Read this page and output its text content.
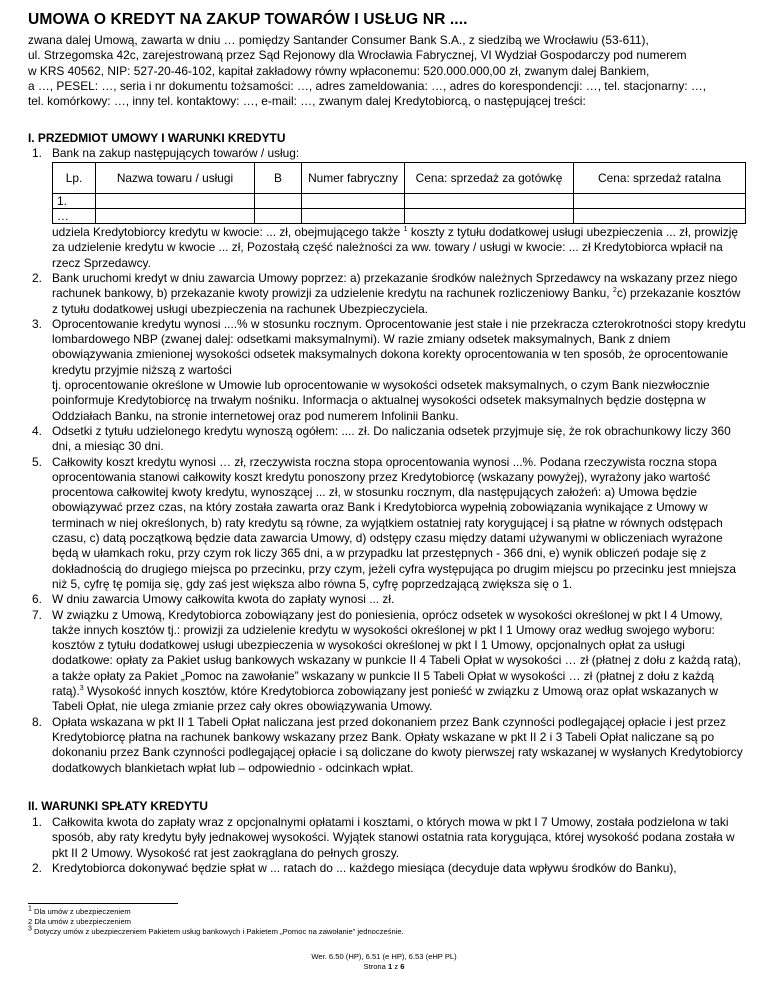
UMOWA O KREDYT NA ZAKUP TOWARÓW I USŁUG NR ....

zwana dalej Umową, zawarta w dniu … pomiędzy Santander Consumer Bank S.A., z siedzibą we Wrocławiu (53-611),

ul. Strzegomska 42c, zarejestrowaną przez Sąd Rejonowy dla Wrocławia Fabrycznej, VI Wydział Gospodarczy pod numerem

w KRS 40562, NIP: 527-20-46-102, kapitał zakładowy równy wpłaconemu: 520.000.000,00 zł, zwanym dalej Bankiem,

a …, PESEL: …, seria i nr dokumentu tożsamości: …, adres zameldowania: …, adres do korespondencji: …, tel. stacjonarny: …,

tel. komórkowy: …, inny tel. kontaktowy: …, e-mail: …, zwanym dalej Kredytobiorcą, o następującej treści:

I. PRZEDMIOT UMOWY I WARUNKI KREDYTU
1. Bank na zakup następujących towarów / usług:

Lp.	Nazwa towaru / usługi	B	Numer fabryczny	Cena: sprzedaż za gotówkę	Cena: sprzedaż ratalna
1.					
…					

udziela Kredytobiorcy kredytu w kwocie: ... zł, obejmującego także $^1$ koszty z tytułu dodatkowej usługi ubezpieczenia ... zł, prowizję za udzielenie kredytu w kwocie ... zł, Pozostałą część należności za ww. towary / usługi w kwocie: ... zł Kredytobiorca wpłacił na rzecz Sprzedawcy.

2. Bank uruchomi kredyt w dniu zawarcia Umowy poprzez: a) przekazanie środków należnych Sprzedawcy na wskazany przez niego rachunek bankowy, b) przekazanie kwoty prowizji za udzielenie kredytu na rachunek rozliczeniowy Banku, $^2$c) przekazanie kosztów z tytułu dodatkowej usługi ubezpieczenia na rachunek Ubezpieczyciela.

3. Oprocentowanie kredytu wynosi ....% w stosunku rocznym. Oprocentowanie jest stałe i nie przekracza czterokrotności stopy kredytu lombardowego NBP (zwanej dalej: odsetkami maksymalnymi). W razie zmiany odsetek maksymalnych, Bank z dniem obowiązywania zmienionej wysokości odsetek maksymalnych dokona korekty oprocentowania w ten sposób, że oprocentowanie kredytu przyjmie niższą z wartości

tj. oprocentowanie określone w Umowie lub oprocentowanie w wysokości odsetek maksymalnych, o czym Bank niezwłocznie poinformuje Kredytobiorcę na trwałym nośniku. Informacja o aktualnej wysokości odsetek maksymalnych będzie dostępna w Oddziałach Banku, na stronie internetowej oraz pod numerem Infolinii Banku.

4. Odsetki z tytułu udzielonego kredytu wynoszą ogółem: .... zł. Do naliczania odsetek przyjmuje się, że rok obrachunkowy liczy 360 dni, a miesiąc 30 dni.

5. Całkowity koszt kredytu wynosi … zł, rzeczywista roczna stopa oprocentowania wynosi ...%. Podana rzeczywista roczna stopa oprocentowania stanowi całkowity koszt kredytu ponoszony przez Kredytobiorcę (wskazany powyżej), wyrażony jako wartość procentowa całkowitej kwoty kredytu, wynoszącej ... zł, w stosunku rocznym, dla następujących założeń: a) Umowa będzie obowiązywać przez czas, na który została zawarta oraz Bank i Kredytobiorca wypełnią zobowiązania wynikające z Umowy w terminach w niej określonych, b) raty kredytu są równe, za wyjątkiem ostatniej raty korygującej i są płatne w równych odstępach czasu, c) datą początkową będzie data zawarcia Umowy, d) odstępy czasu między datami używanymi w obliczeniach wyrażone będą w ułamkach roku, przy czym rok liczy 365 dni, a w przypadku lat przestępnych - 366 dni, e) wynik obliczeń podaje się z dokładnością do drugiego miejsca po przecinku, przy czym, jeżeli cyfra występująca po drugim miejscu po przecinku jest mniejsza niż 5, cyfrę tę pomija się, gdy zaś jest większa albo równa 5, cyfrę poprzedzającą zwiększa się o 1.

6. W dniu zawarcia Umowy całkowita kwota do zapłaty wynosi ... zł.

7. W związku z Umową, Kredytobiorca zobowiązany jest do poniesienia, oprócz odsetek w wysokości określonej w pkt I 4 Umowy, także innych kosztów tj.: prowizji za udzielenie kredytu w wysokości określonej w pkt I 1 Umowy oraz według swojego wyboru: kosztów z tytułu dodatkowej usługi ubezpieczenia w wysokości określonej w pkt I 1 Umowy, opcjonalnych opłat za usługi dodatkowe: opłaty za Pakiet usług bankowych wskazany w punkcie II 4 Tabeli Opłat w wysokości … zł (płatnej z dołu z każdą ratą), a także opłaty za Pakiet „Pomoc na zawołanie” wskazany w punkcie II 5 Tabeli Opłat w wysokości … zł (płatnej z dołu z każdą ratą).$^3$ Wysokość innych kosztów, które Kredytobiorca zobowiązany jest ponieść w związku z Umową oraz opłat wskazanych w Tabeli Opłat, nie ulega zmianie przez cały okres obowiązywania Umowy.

8. Opłata wskazana w pkt II 1 Tabeli Opłat naliczana jest przed dokonaniem przez Bank czynności podlegającej opłacie i jest przez Kredytobiorcę płatna na rachunek bankowy wskazany przez Bank. Opłaty wskazane w pkt II 2 i 3 Tabeli Opłat naliczane są po dokonaniu przez Bank czynności podlegającej opłacie i są doliczane do kwoty pierwszej raty wskazanej w wysłanych Kredytobiorcy dodatkowych blankietach wpłat lub – odpowiednio - odcinkach wpłat.

II. WARUNKI SPŁATY KREDYTU
1. Całkowita kwota do zapłaty wraz z opcjonalnymi opłatami i kosztami, o których mowa w pkt I 7 Umowy, została podzielona w taki sposób, aby raty kredytu były jednakowej wysokości. Wyjątek stanowi ostatnia rata korygująca, której wysokość podana została w pkt II 2 Umowy. Wysokość rat jest zaokrąglana do pełnych groszy.

2. Kredytobiorca dokonywać będzie spłat w ... ratach do ... każdego miesiąca (decyduje data wpływu środków do Banku),

$^1$ Dla umów z ubezpieczeniem

2 Dla umów z ubezpieczeniem

$^3$ Dotyczy umów z ubezpieczeniem Pakietem usług bankowych i Pakietem „Pomoc na zawołanie” jednocześnie.

Wer. 6.50 (HP), 6.51 (e HP), 6.53 (eHP PL)
Strona 1 z 6
